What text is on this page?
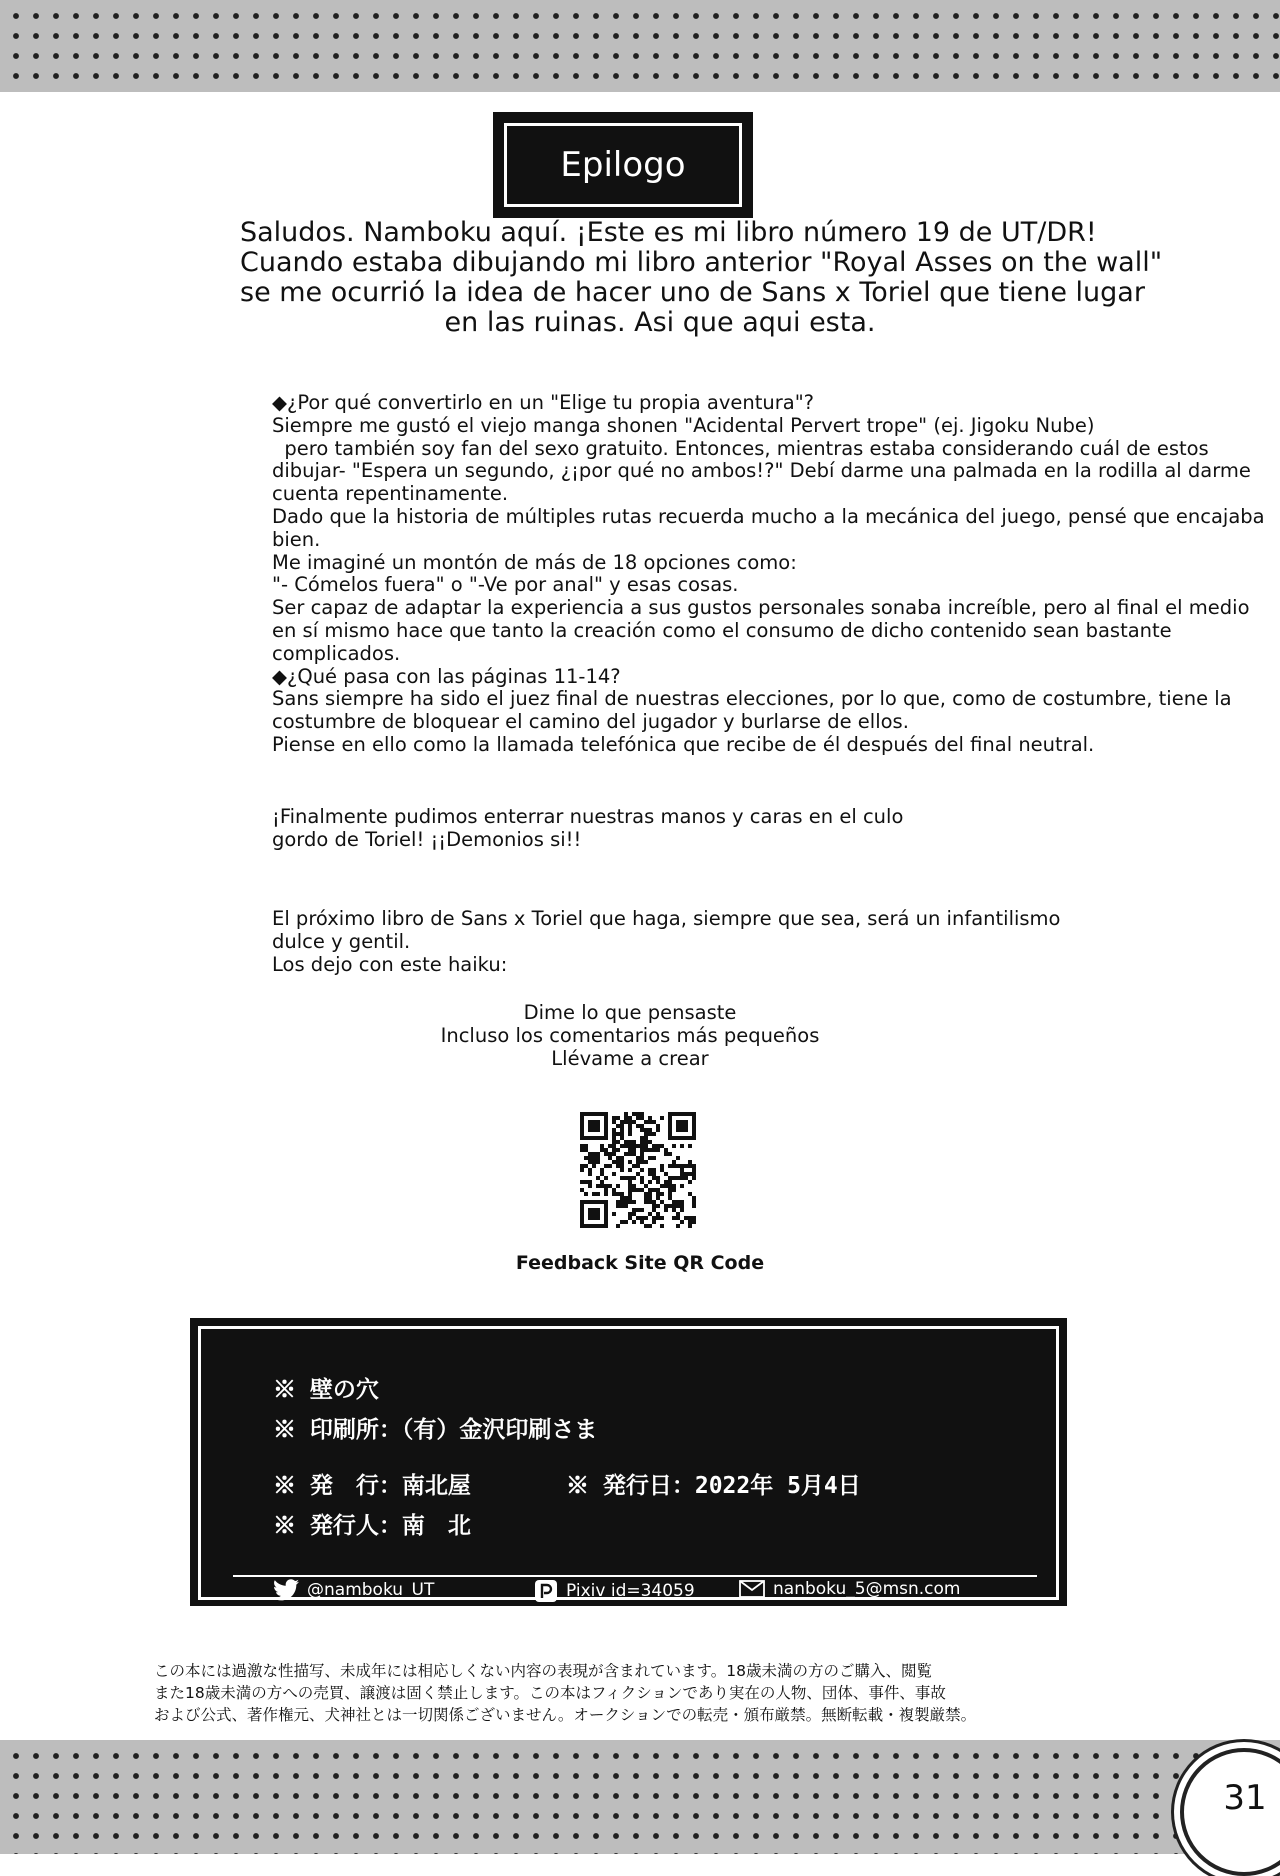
Epilogo
Saludos. Namboku aquí. ¡Este es mi libro número 19 de UT/DR!
Cuando estaba dibujando mi libro anterior "Royal Asses on the wall"
se me ocurrió la idea de hacer uno de Sans x Toriel que tiene lugar
en las ruinas. Asi que aqui esta.
◆¿Por qué convertirlo en un "Elige tu propia aventura"?
Siempre me gustó el viejo manga shonen "Acidental Pervert trope" (ej. Jigoku Nube)
pero también soy fan del sexo gratuito. Entonces, mientras estaba considerando cuál de estos
dibujar- "Espera un segundo, ¿¡por qué no ambos!?" Debí darme una palmada en la rodilla al darme
cuenta repentinamente.
Dado que la historia de múltiples rutas recuerda mucho a la mecánica del juego, pensé que encajaba
bien.
Me imaginé un montón de más de 18 opciones como:
"- Cómelos fuera" o "-Ve por anal" y esas cosas.
Ser capaz de adaptar la experiencia a sus gustos personales sonaba increíble, pero al final el medio
en sí mismo hace que tanto la creación como el consumo de dicho contenido sean bastante
complicados.
◆¿Qué pasa con las páginas 11-14?
Sans siempre ha sido el juez final de nuestras elecciones, por lo que, como de costumbre, tiene la
costumbre de bloquear el camino del jugador y burlarse de ellos.
Piense en ello como la llamada telefónica que recibe de él después del final neutral.
¡Finalmente pudimos enterrar nuestras manos y caras en el culo
gordo de Toriel! ¡¡Demonios si!!
El próximo libro de Sans x Toriel que haga, siempre que sea, será un infantilismo
dulce y gentil.
Los dejo con este haiku:
Dime lo que pensaste
Incluso los comentarios más pequeños
Llévame a crear
Feedback Site QR Code
※ 壁の穴
※ 印刷所：（有）金沢印刷さま
※ 発　行：南北屋	※ 発行日：2022年 5月4日
※ 発行人：南　北
@namboku_UT	Pixiv id=34059	nanboku_5@msn.com
この本には過激な性描写、未成年には相応しくない内容の表現が含まれています。18歳未満の方のご購入、閲覧
また18歳未満の方への売買、譲渡は固く禁止します。この本はフィクションであり実在の人物、団体、事件、事故
および公式、著作権元、犬神社とは一切関係ございません。オークションでの転売・頒布厳禁。無断転載・複製厳禁。
31
